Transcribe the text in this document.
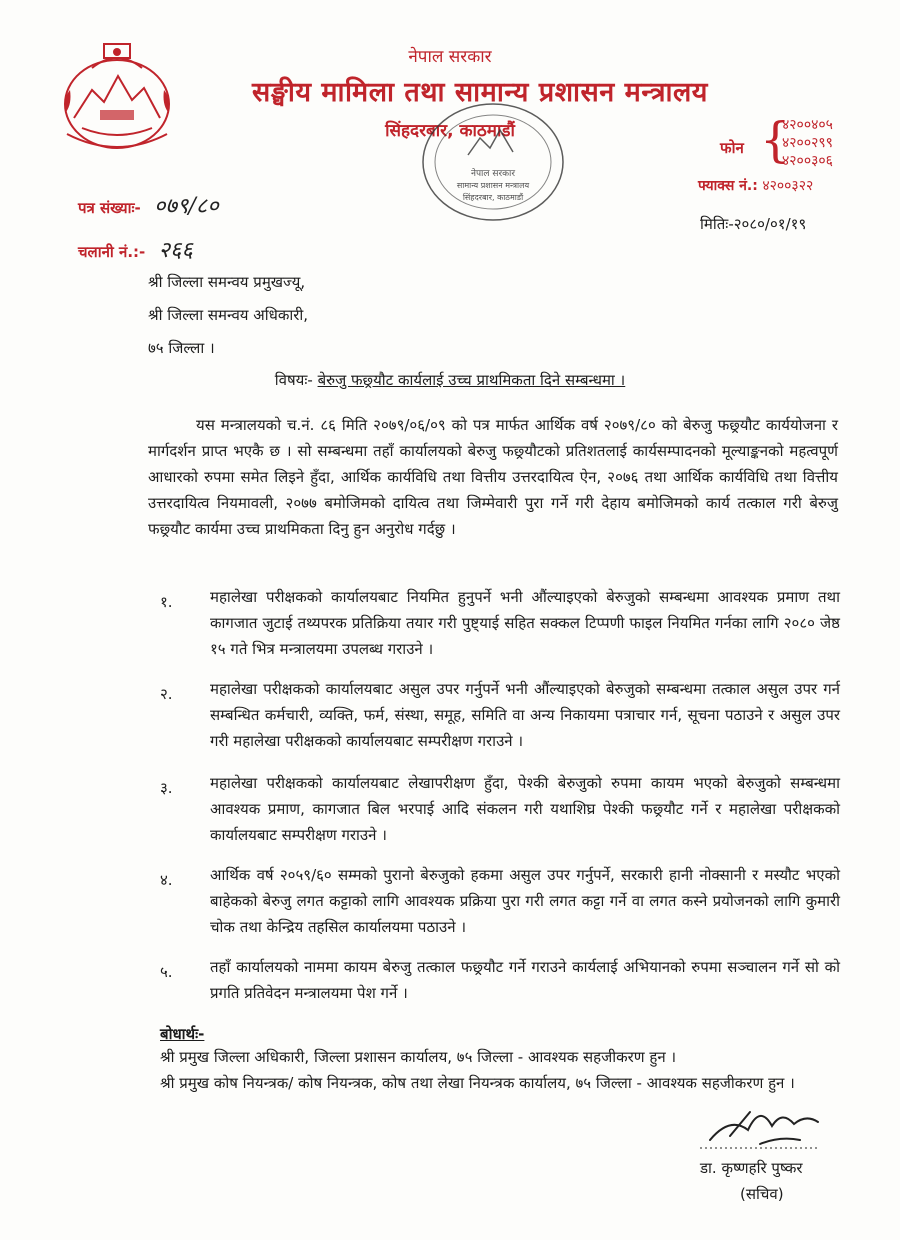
नेपाल सरकार
सङ्घीय मामिला तथा सामान्य प्रशासन मन्त्रालय
सिंहदरबार, काठमाडौं
नेपाल सरकार
सामान्य प्रशासन मन्त्रालय
सिंहदरबार, काठमाडौं
फोन {
४२००४०५
४२००२९९
४२००३०६
फ्याक्स नं.: ४२००३२२
मितिः-२०८०/०१/१९
पत्र संख्याः- ०७९/८०
चलानी नं.:- २६६
श्री जिल्ला समन्वय प्रमुखज्यू,
श्री जिल्ला समन्वय अधिकारी,
७५ जिल्ला ।
विषयः- बेरुजु फछ्र्यौट कार्यलाई उच्च प्राथमिकता दिने सम्बन्धमा ।
यस मन्त्रालयको च.नं. ८६ मिति २०७९/०६/०९ को पत्र मार्फत आर्थिक वर्ष २०७९/८० को बेरुजु फछ्र्यौट कार्ययोजना र मार्गदर्शन प्राप्त भएकै छ । सो सम्बन्धमा तहाँ कार्यालयको बेरुजु फछ्र्यौटको प्रतिशतलाई कार्यसम्पादनको मूल्याङ्कनको महत्वपूर्ण आधारको रुपमा समेत लिइने हुँदा, आर्थिक कार्यविधि तथा वित्तीय उत्तरदायित्व ऐन, २०७६ तथा आर्थिक कार्यविधि तथा वित्तीय उत्तरदायित्व नियमावली, २०७७ बमोजिमको दायित्व तथा जिम्मेवारी पुरा गर्ने गरी देहाय बमोजिमको कार्य तत्काल गरी बेरुजु फछ्र्यौट कार्यमा उच्च प्राथमिकता दिनु हुन अनुरोध गर्दछु ।
१. महालेखा परीक्षकको कार्यालयबाट नियमित हुनुपर्ने भनी औंल्याइएको बेरुजुको सम्बन्धमा आवश्यक प्रमाण तथा कागजात जुटाई तथ्यपरक प्रतिक्रिया तयार गरी पुष्ट्याई सहित सक्कल टिप्पणी फाइल नियमित गर्नका लागि २०८० जेष्ठ १५ गते भित्र मन्त्रालयमा उपलब्ध गराउने ।
२. महालेखा परीक्षकको कार्यालयबाट असुल उपर गर्नुपर्ने भनी औंल्याइएको बेरुजुको सम्बन्धमा तत्काल असुल उपर गर्न सम्बन्धित कर्मचारी, व्यक्ति, फर्म, संस्था, समूह, समिति वा अन्य निकायमा पत्राचार गर्न, सूचना पठाउने र असुल उपर गरी महालेखा परीक्षकको कार्यालयबाट सम्परीक्षण गराउने ।
३. महालेखा परीक्षकको कार्यालयबाट लेखापरीक्षण हुँदा, पेश्की बेरुजुको रुपमा कायम भएको बेरुजुको सम्बन्धमा आवश्यक प्रमाण, कागजात बिल भरपाई आदि संकलन गरी यथाशिघ्र पेश्की फछ्र्यौट गर्ने र महालेखा परीक्षकको कार्यालयबाट सम्परीक्षण गराउने ।
४. आर्थिक वर्ष २०५९/६० सम्मको पुरानो बेरुजुको हकमा असुल उपर गर्नुपर्ने, सरकारी हानी नोक्सानी र मस्यौट भएको बाहेकको बेरुजु लगत कट्टाको लागि आवश्यक प्रक्रिया पुरा गरी लगत कट्टा गर्ने वा लगत कस्ने प्रयोजनको लागि कुमारी चोक तथा केन्द्रिय तहसिल कार्यालयमा पठाउने ।
५. तहाँ कार्यालयको नाममा कायम बेरुजु तत्काल फछ्र्यौट गर्ने गराउने कार्यलाई अभियानको रुपमा सञ्चालन गर्ने सो को प्रगति प्रतिवेदन मन्त्रालयमा पेश गर्ने ।
बोधार्थः-
श्री प्रमुख जिल्ला अधिकारी, जिल्ला प्रशासन कार्यालय, ७५ जिल्ला - आवश्यक सहजीकरण हुन ।
श्री प्रमुख कोष नियन्त्रक/ कोष नियन्त्रक, कोष तथा लेखा नियन्त्रक कार्यालय, ७५ जिल्ला - आवश्यक सहजीकरण हुन ।
डा. कृष्णहरि पुष्कर
(सचिव)
